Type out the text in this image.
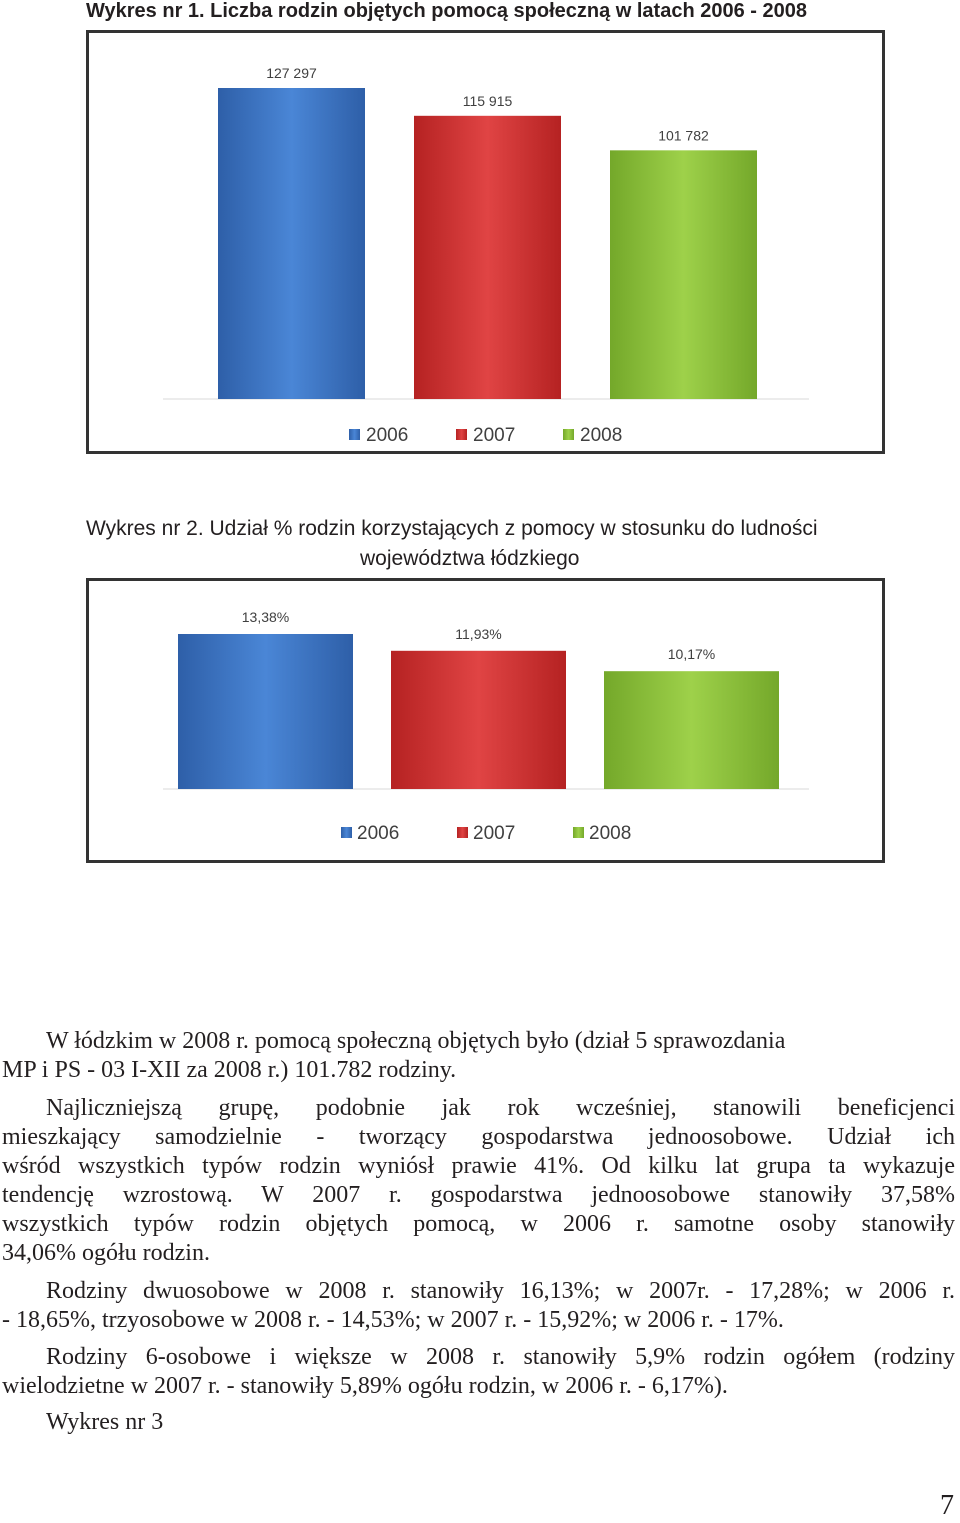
Wykres nr 1. Liczba rodzin objętych pomocą społeczną w latach 2006 - 2008
127 297
115 915
101 782
2006	2007	2008
Wykres nr 2. Udział % rodzin korzystających z pomocy w stosunku do ludności
województwa łódzkiego
13,38%
11,93%
10,17%
2006	2007	2008
W łódzkim w 2008 r. pomocą społeczną objętych było (dział 5 sprawozdania
MP i PS - 03 I-XII za 2008 r.) 101.782 rodziny.
Najliczniejszą grupę, podobnie jak rok wcześniej, stanowili beneficjenci
mieszkający samodzielnie - tworzący gospodarstwa jednoosobowe. Udział ich
wśród wszystkich typów rodzin wyniósł prawie 41%. Od kilku lat grupa ta wykazuje
tendencję wzrostową. W 2007 r. gospodarstwa jednoosobowe stanowiły 37,58%
wszystkich typów rodzin objętych pomocą, w 2006 r. samotne osoby stanowiły
34,06% ogółu rodzin.
Rodziny dwuosobowe w 2008 r. stanowiły 16,13%; w 2007r. - 17,28%; w 2006 r.
- 18,65%, trzyosobowe w 2008 r. - 14,53%; w 2007 r. - 15,92%; w 2006 r. - 17%.
Rodziny 6-osobowe i większe w 2008 r. stanowiły 5,9% rodzin ogółem (rodziny
wielodzietne w 2007 r. - stanowiły 5,89% ogółu rodzin, w 2006 r. - 6,17%).
Wykres nr 3
7
